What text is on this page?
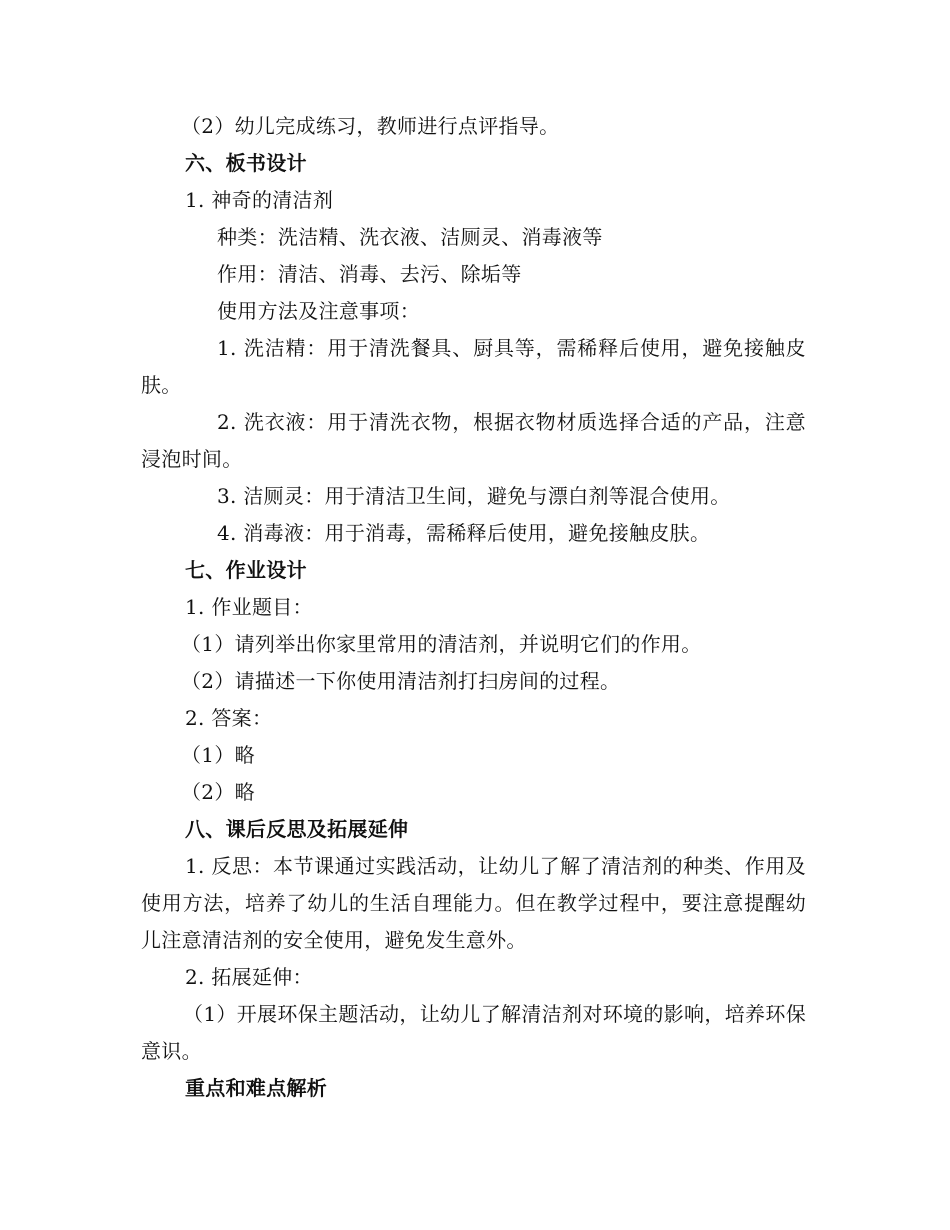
（2）幼儿完成练习，教师进行点评指导。
六、板书设计
1. 神奇的清洁剂
种类：洗洁精、洗衣液、洁厕灵、消毒液等
作用：清洁、消毒、去污、除垢等
使用方法及注意事项：
1. 洗洁精：用于清洗餐具、厨具等，需稀释后使用，避免接触皮肤。
2. 洗衣液：用于清洗衣物，根据衣物材质选择合适的产品，注意浸泡时间。
3. 洁厕灵：用于清洁卫生间，避免与漂白剂等混合使用。
4. 消毒液：用于消毒，需稀释后使用，避免接触皮肤。
七、作业设计
1. 作业题目：
（1）请列举出你家里常用的清洁剂，并说明它们的作用。
（2）请描述一下你使用清洁剂打扫房间的过程。
2. 答案：
（1）略
（2）略
八、课后反思及拓展延伸
1. 反思：本节课通过实践活动，让幼儿了解了清洁剂的种类、作用及使用方法，培养了幼儿的生活自理能力。但在教学过程中，要注意提醒幼儿注意清洁剂的安全使用，避免发生意外。
2. 拓展延伸：
（1）开展环保主题活动，让幼儿了解清洁剂对环境的影响，培养环保意识。
重点和难点解析
